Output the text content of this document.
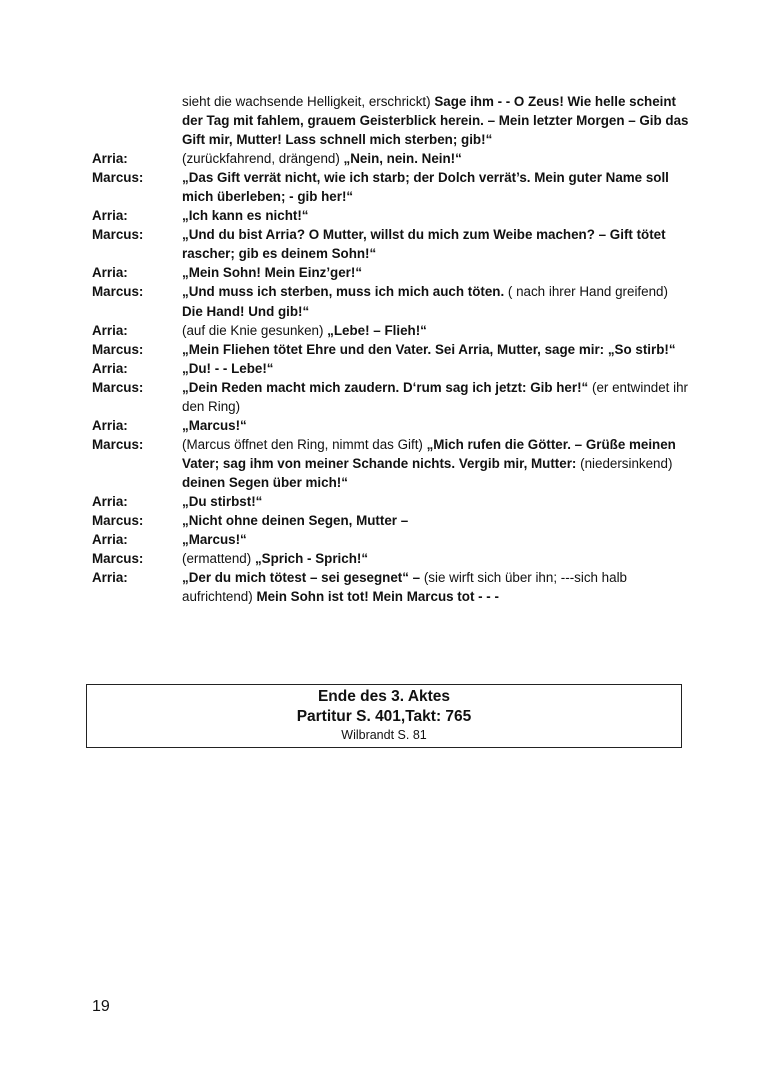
sieht die wachsende Helligkeit, erschrickt) Sage ihm - - O Zeus! Wie helle scheint der Tag mit fahlem, grauem Geisterblick herein. – Mein letzter Morgen – Gib das Gift mir, Mutter! Lass schnell mich sterben; gib!“
Arria:	(zurückfahrend, drängend) „Nein, nein. Nein!“
Marcus:	„Das Gift verrät nicht, wie ich starb; der Dolch verrät’s. Mein guter Name soll mich überleben; - gib her!“
Arria:	„Ich kann es nicht!“
Marcus:	„Und du bist Arria? O Mutter, willst du mich zum Weibe machen? – Gift tötet rascher; gib es deinem Sohn!“
Arria:	„Mein Sohn! Mein Einz’ger!“
Marcus:	„Und muss ich sterben, muss ich mich auch töten. ( nach ihrer Hand greifend) Die Hand! Und gib!“
Arria:	(auf die Knie gesunken) „Lebe! – Flieh!“
Marcus:	„Mein Fliehen tötet Ehre und den Vater. Sei Arria, Mutter, sage mir: „So stirb!“
Arria:	„Du! - - Lebe!“
Marcus:	„Dein Reden macht mich zaudern. D‘rum sag ich jetzt: Gib her!“ (er entwindet ihr den Ring)
Arria:	„Marcus!“
Marcus:	(Marcus öffnet den Ring, nimmt das Gift) „Mich rufen die Götter. – Grüße meinen Vater; sag ihm von meiner Schande nichts. Vergib mir, Mutter: (niedersinkend) deinen Segen über mich!“
Arria:	„Du stirbst!“
Marcus:	„Nicht ohne deinen Segen, Mutter –
Arria:	„Marcus!“
Marcus:	(ermattend) „Sprich - Sprich!“
Arria:	„Der du mich tötest – sei gesegnet“ – (sie wirft sich über ihn; ---sich halb aufrichtend) Mein Sohn ist tot! Mein Marcus tot - - -
Ende des 3. Aktes
Partitur S. 401,Takt: 765
Wilbrandt S. 81
19
